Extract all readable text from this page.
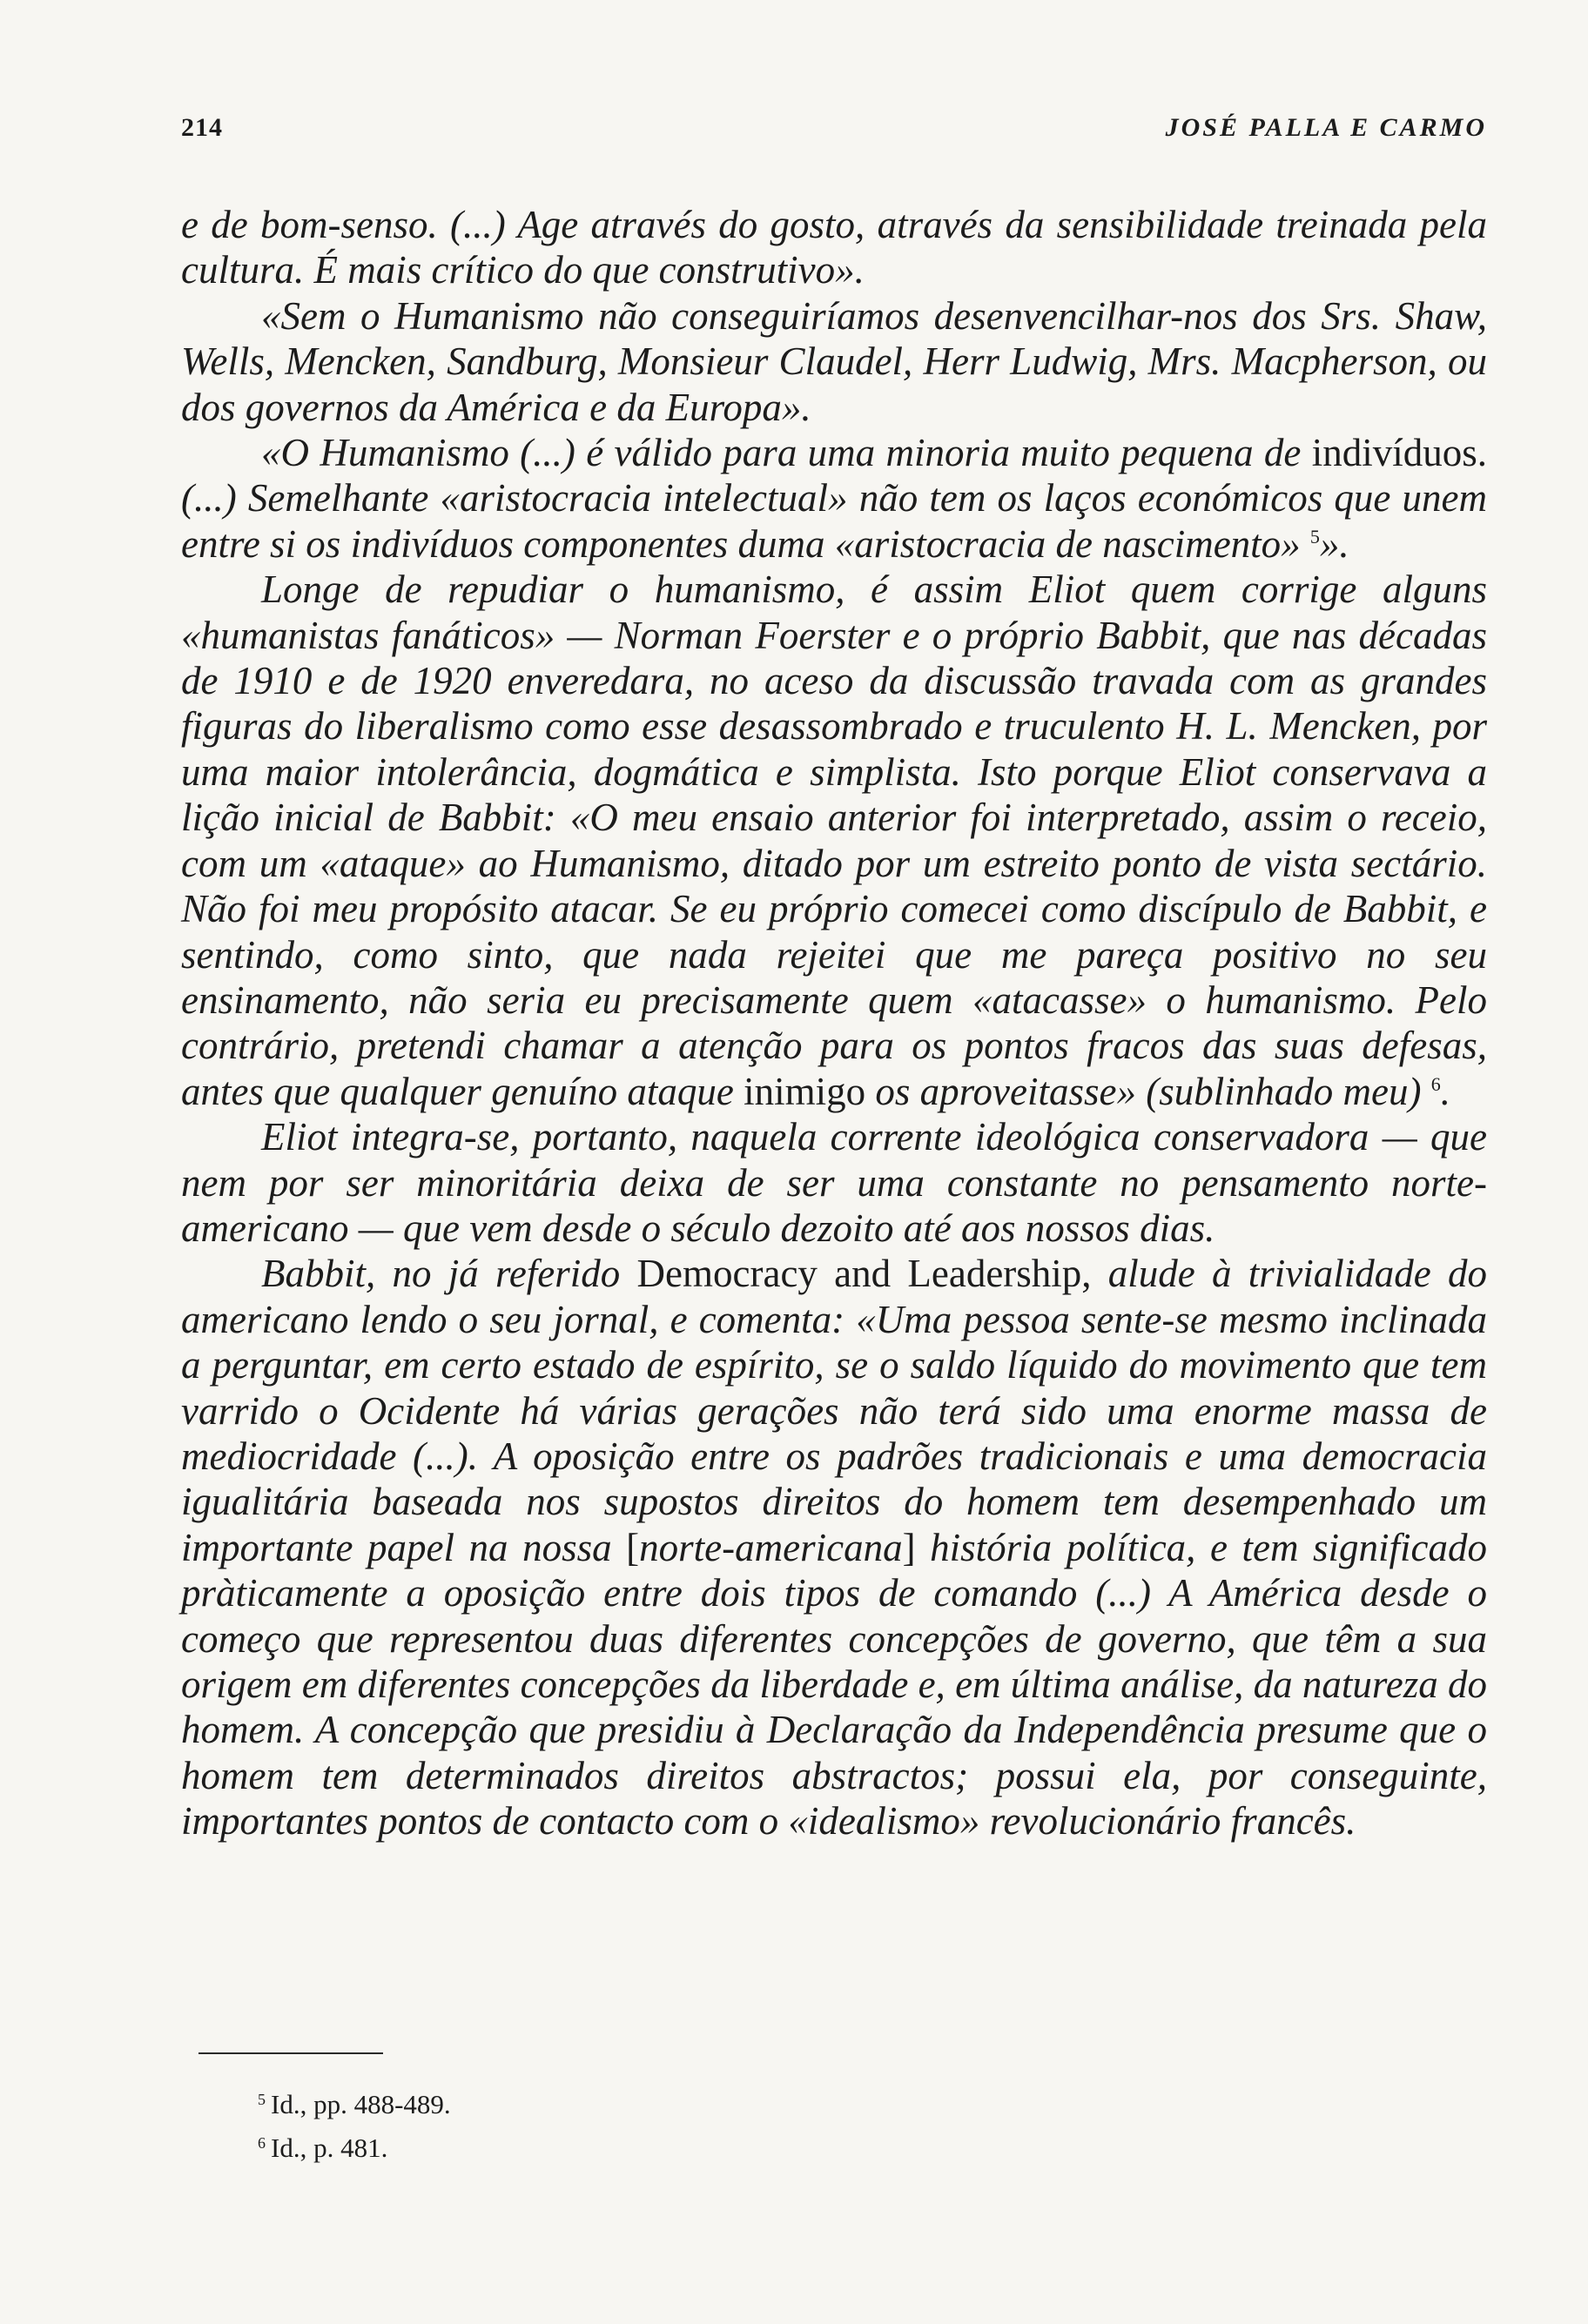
214	JOSÉ PALLA E CARMO

e de bom-senso. (...) Age através do gosto, através da sensibilidade treinada pela cultura. É mais crítico do que construtivo».

«Sem o Humanismo não conseguiríamos desenvencilhar-nos dos Srs. Shaw, Wells, Mencken, Sandburg, Monsieur Claudel, Herr Ludwig, Mrs. Macpherson, ou dos governos da América e da Europa».

«O Humanismo (...) é válido para uma minoria muito pequena de indivíduos. (...) Semelhante «aristocracia intelectual» não tem os laços económicos que unem entre si os indivíduos componentes duma «aristocracia de nascimento» $^5$».

Longe de repudiar o humanismo, é assim Eliot quem corrige alguns «humanistas fanáticos» — Norman Foerster e o próprio Babbit, que nas décadas de 1910 e de 1920 enveredara, no aceso da discussão travada com as grandes figuras do liberalismo como esse desassombrado e truculento H. L. Mencken, por uma maior intolerância, dogmática e simplista. Isto porque Eliot conservava a lição inicial de Babbit: «O meu ensaio anterior foi interpretado, assim o receio, com um «ataque» ao Humanismo, ditado por um estreito ponto de vista sectário. Não foi meu propósito atacar. Se eu próprio comecei como discípulo de Babbit, e sentindo, como sinto, que nada rejeitei que me pareça positivo no seu ensinamento, não seria eu precisamente quem «atacasse» o humanismo. Pelo contrário, pretendi chamar a atenção para os pontos fracos das suas defesas, antes que qualquer genuíno ataque inimigo os aproveitasse» (sublinhado meu) $^6$.

Eliot integra-se, portanto, naquela corrente ideológica conservadora — que nem por ser minoritária deixa de ser uma constante no pensamento norte-americano — que vem desde o século dezoito até aos nossos dias.

Babbit, no já referido Democracy and Leadership, alude à trivialidade do americano lendo o seu jornal, e comenta: «Uma pessoa sente-se mesmo inclinada a perguntar, em certo estado de espírito, se o saldo líquido do movimento que tem varrido o Ocidente há várias gerações não terá sido uma enorme massa de mediocridade (...). A oposição entre os padrões tradicionais e uma democracia igualitária baseada nos supostos direitos do homem tem desempenhado um importante papel na nossa [norte-americana] história política, e tem significado pràticamente a oposição entre dois tipos de comando (...) A América desde o começo que representou duas diferentes concepções de governo, que têm a sua origem em diferentes concepções da liberdade e, em última análise, da natureza do homem. A concepção que presidiu à Declaração da Independência presume que o homem tem determinados direitos abstractos; possui ela, por conseguinte, importantes pontos de contacto com o «idealismo» revolucionário francês.

$^5$ Id., pp. 488-489.
$^6$ Id., p. 481.
